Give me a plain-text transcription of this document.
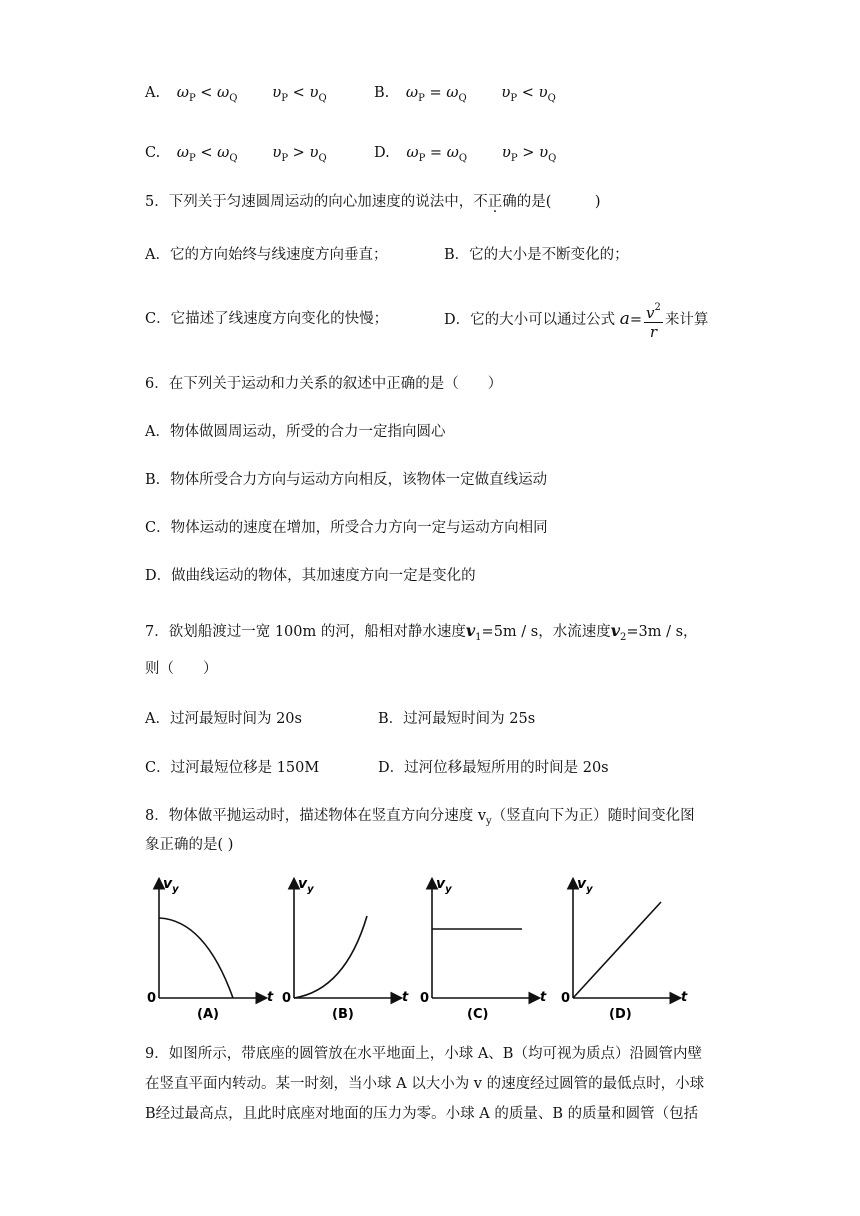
A. $\omega_P < \omega_Q$ $\upsilon_P < \upsilon_Q$	B. $\omega_P = \omega_Q$ $\upsilon_P < \upsilon_Q$
C. $\omega_P < \omega_Q$ $\upsilon_P > \upsilon_Q$	D. $\omega_P = \omega_Q$ $\upsilon_P > \upsilon_Q$
5．下列关于匀速圆周运动的向心加速度的说法中，不正确的是(　　　)
A．它的方向始终与线速度方向垂直；	B．它的大小是不断变化的；
C．它描述了线速度方向变化的快慢；	D．它的大小可以通过公式 $a= \frac{v^2}{r}$ 来计算
6．在下列关于运动和力关系的叙述中正确的是（　　）
A．物体做圆周运动，所受的合力一定指向圆心
B．物体所受合力方向与运动方向相反，该物体一定做直线运动
C．物体运动的速度在增加，所受合力方向一定与运动方向相同
D．做曲线运动的物体，其加速度方向一定是变化的
7．欲划船渡过一宽 100m 的河，船相对静水速度$v_1=5m / s$，水流速度$v_2=3m / s$，
则（　　）
A．过河最短时间为 20s	B．过河最短时间为 25s
C．过河最短位移是 150M	D．过河位移最短所用的时间是 20s
8．物体做平抛运动时，描述物体在竖直方向分速度 $v_y$（竖直向下为正）随时间变化图
象正确的是( )
$v_y$
t
0
(A)
$v_y$
t
0
(B)
$v_y$
t
0
(C)
$v_y$
t
0
(D)
9．如图所示，带底座的圆管放在水平地面上，小球 A、B（均可视为质点）沿圆管内壁
在竖直平面内转动。某一时刻，当小球 A 以大小为 v 的速度经过圆管的最低点时，小球
B经过最高点，且此时底座对地面的压力为零。小球 A 的质量、B 的质量和圆管（包括
